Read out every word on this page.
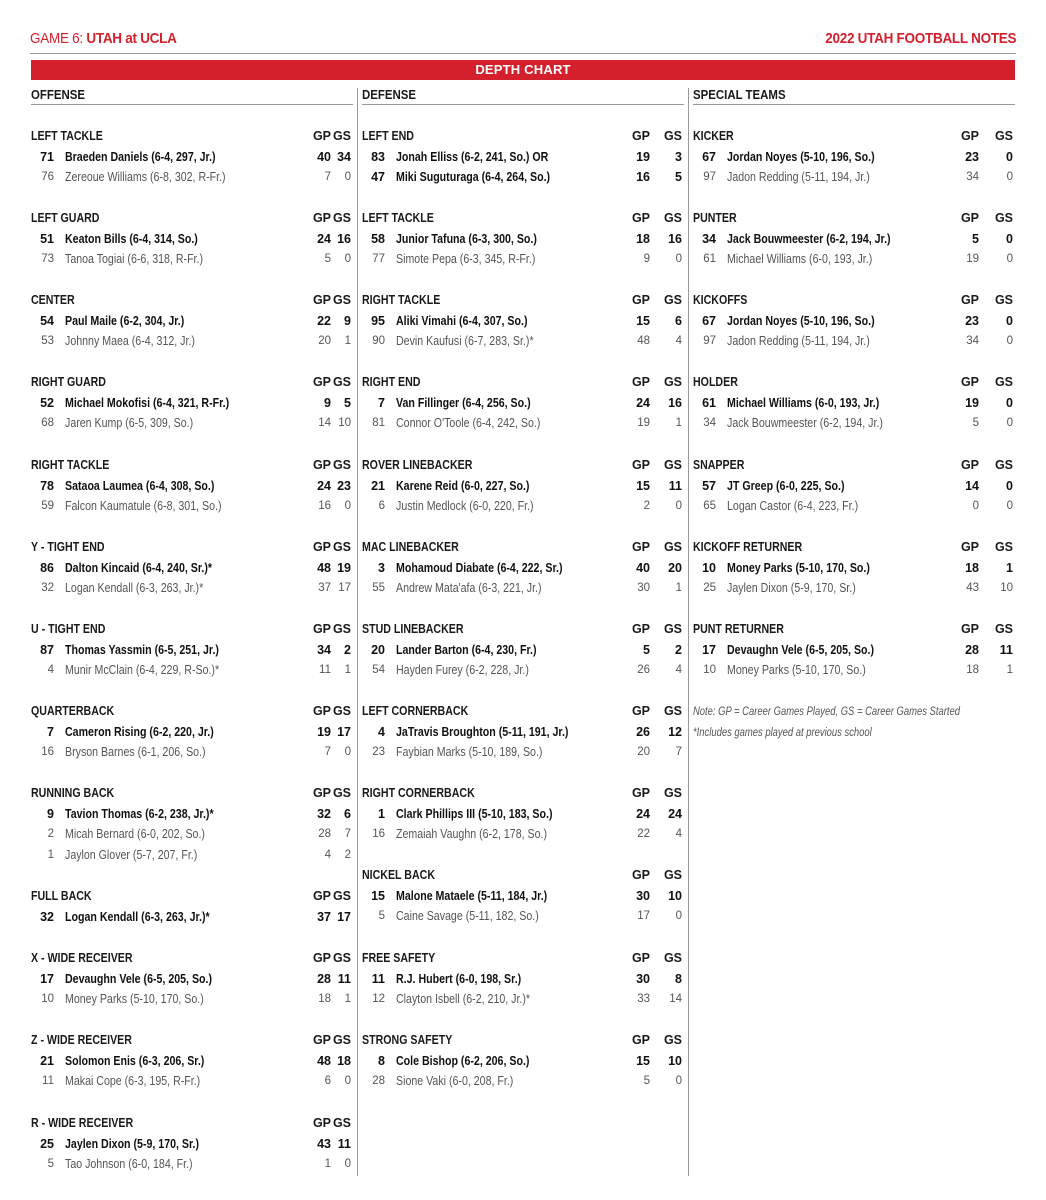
GAME 6: UTAH at UCLA	2022 UTAH FOOTBALL NOTES
DEPTH CHART
OFFENSE
LEFT TACKLE	GP GS
71 Braeden Daniels (6-4, 297, Jr.)	40 34
76 Zereoue Williams (6-8, 302, R-Fr.)	7	0
LEFT GUARD	GP GS
51 Keaton Bills (6-4, 314, So.)	24 16
73 Tanoa Togiai (6-6, 318, R-Fr.)	5	0
CENTER	GP GS
54 Paul Maile (6-2, 304, Jr.)	22	9
53 Johnny Maea (6-4, 312, Jr.)	20	1
RIGHT GUARD	GP GS
52 Michael Mokofisi (6-4, 321, R-Fr.)	9	5
68 Jaren Kump (6-5, 309, So.)	14 10
RIGHT TACKLE	GP GS
78 Sataoa Laumea (6-4, 308, So.)	24 23
59 Falcon Kaumatule (6-8, 301, So.)	16	0
Y - TIGHT END	GP GS
86 Dalton Kincaid (6-4, 240, Sr.)*	48 19
32 Logan Kendall (6-3, 263, Jr.)*	37 17
U - TIGHT END	GP GS
87 Thomas Yassmin (6-5, 251, Jr.)	34	2
4 Munir McClain (6-4, 229, R-So.)*	11	1
QUARTERBACK	GP GS
7 Cameron Rising (6-2, 220, Jr.)	19 17
16 Bryson Barnes (6-1, 206, So.)	7	0
RUNNING BACK	GP GS
9 Tavion Thomas (6-2, 238, Jr.)*	32	6
2 Micah Bernard (6-0, 202, So.)	28	7
1 Jaylon Glover (5-7, 207, Fr.)	4	2
FULL BACK	GP GS
32 Logan Kendall (6-3, 263, Jr.)*	37 17
X - WIDE RECEIVER	GP GS
17 Devaughn Vele (6-5, 205, So.)	28 11
10 Money Parks (5-10, 170, So.)	18	1
Z - WIDE RECEIVER	GP GS
21 Solomon Enis (6-3, 206, Sr.)	48 18
11 Makai Cope (6-3, 195, R-Fr.)	6	0
R - WIDE RECEIVER	GP GS
25 Jaylen Dixon (5-9, 170, Sr.)	43 11
5 Tao Johnson (6-0, 184, Fr.)	1	0
DEFENSE
LEFT END	GP	GS
83 Jonah Elliss (6-2, 241, So.) OR	19	3
47 Miki Suguturaga (6-4, 264, So.)	16	5
LEFT TACKLE	GP	GS
58 Junior Tafuna (6-3, 300, So.)	18	16
77 Simote Pepa (6-3, 345, R-Fr.)	9	0
RIGHT TACKLE	GP	GS
95 Aliki Vimahi (6-4, 307, So.)	15	6
90 Devin Kaufusi (6-7, 283, Sr.)*	48	4
RIGHT END	GP	GS
7 Van Fillinger (6-4, 256, So.)	24	16
81 Connor O'Toole (6-4, 242, So.)	19	1
ROVER LINEBACKER	GP	GS
21 Karene Reid (6-0, 227, So.)	15	11
6 Justin Medlock (6-0, 220, Fr.)	2	0
MAC LINEBACKER	GP	GS
3 Mohamoud Diabate (6-4, 222, Sr.)	40	20
55 Andrew Mata'afa (6-3, 221, Jr.)	30	1
STUD LINEBACKER	GP	GS
20 Lander Barton (6-4, 230, Fr.)	5	2
54 Hayden Furey (6-2, 228, Jr.)	26	4
LEFT CORNERBACK	GP	GS
4 JaTravis Broughton (5-11, 191, Jr.)	26	12
23 Faybian Marks (5-10, 189, So.)	20	7
RIGHT CORNERBACK	GP	GS
1 Clark Phillips III (5-10, 183, So.)	24	24
16 Zemaiah Vaughn (6-2, 178, So.)	22	4
NICKEL BACK	GP	GS
15 Malone Mataele (5-11, 184, Jr.)	30	10
5 Caine Savage (5-11, 182, So.)	17	0
FREE SAFETY	GP	GS
11 R.J. Hubert (6-0, 198, Sr.)	30	8
12 Clayton Isbell (6-2, 210, Jr.)*	33	14
STRONG SAFETY	GP	GS
8 Cole Bishop (6-2, 206, So.)	15	10
28 Sione Vaki (6-0, 208, Fr.)	5	0
SPECIAL TEAMS
KICKER	GP	GS
67 Jordan Noyes (5-10, 196, So.)	23	0
97 Jadon Redding (5-11, 194, Jr.)	34	0
PUNTER	GP	GS
34 Jack Bouwmeester (6-2, 194, Jr.)	5	0
61 Michael Williams (6-0, 193, Jr.)	19	0
KICKOFFS	GP	GS
67 Jordan Noyes (5-10, 196, So.)	23	0
97 Jadon Redding (5-11, 194, Jr.)	34	0
HOLDER	GP	GS
61 Michael Williams (6-0, 193, Jr.)	19	0
34 Jack Bouwmeester (6-2, 194, Jr.)	5	0
SNAPPER	GP	GS
57 JT Greep (6-0, 225, So.)	14	0
65 Logan Castor (6-4, 223, Fr.)	0	0
KICKOFF RETURNER	GP	GS
10 Money Parks (5-10, 170, So.)	18	1
25 Jaylen Dixon (5-9, 170, Sr.)	43	10
PUNT RETURNER	GP	GS
17 Devaughn Vele (6-5, 205, So.)	28	11
10 Money Parks (5-10, 170, So.)	18	1
Note: GP = Career Games Played, GS = Career Games Started
*Includes games played at previous school
